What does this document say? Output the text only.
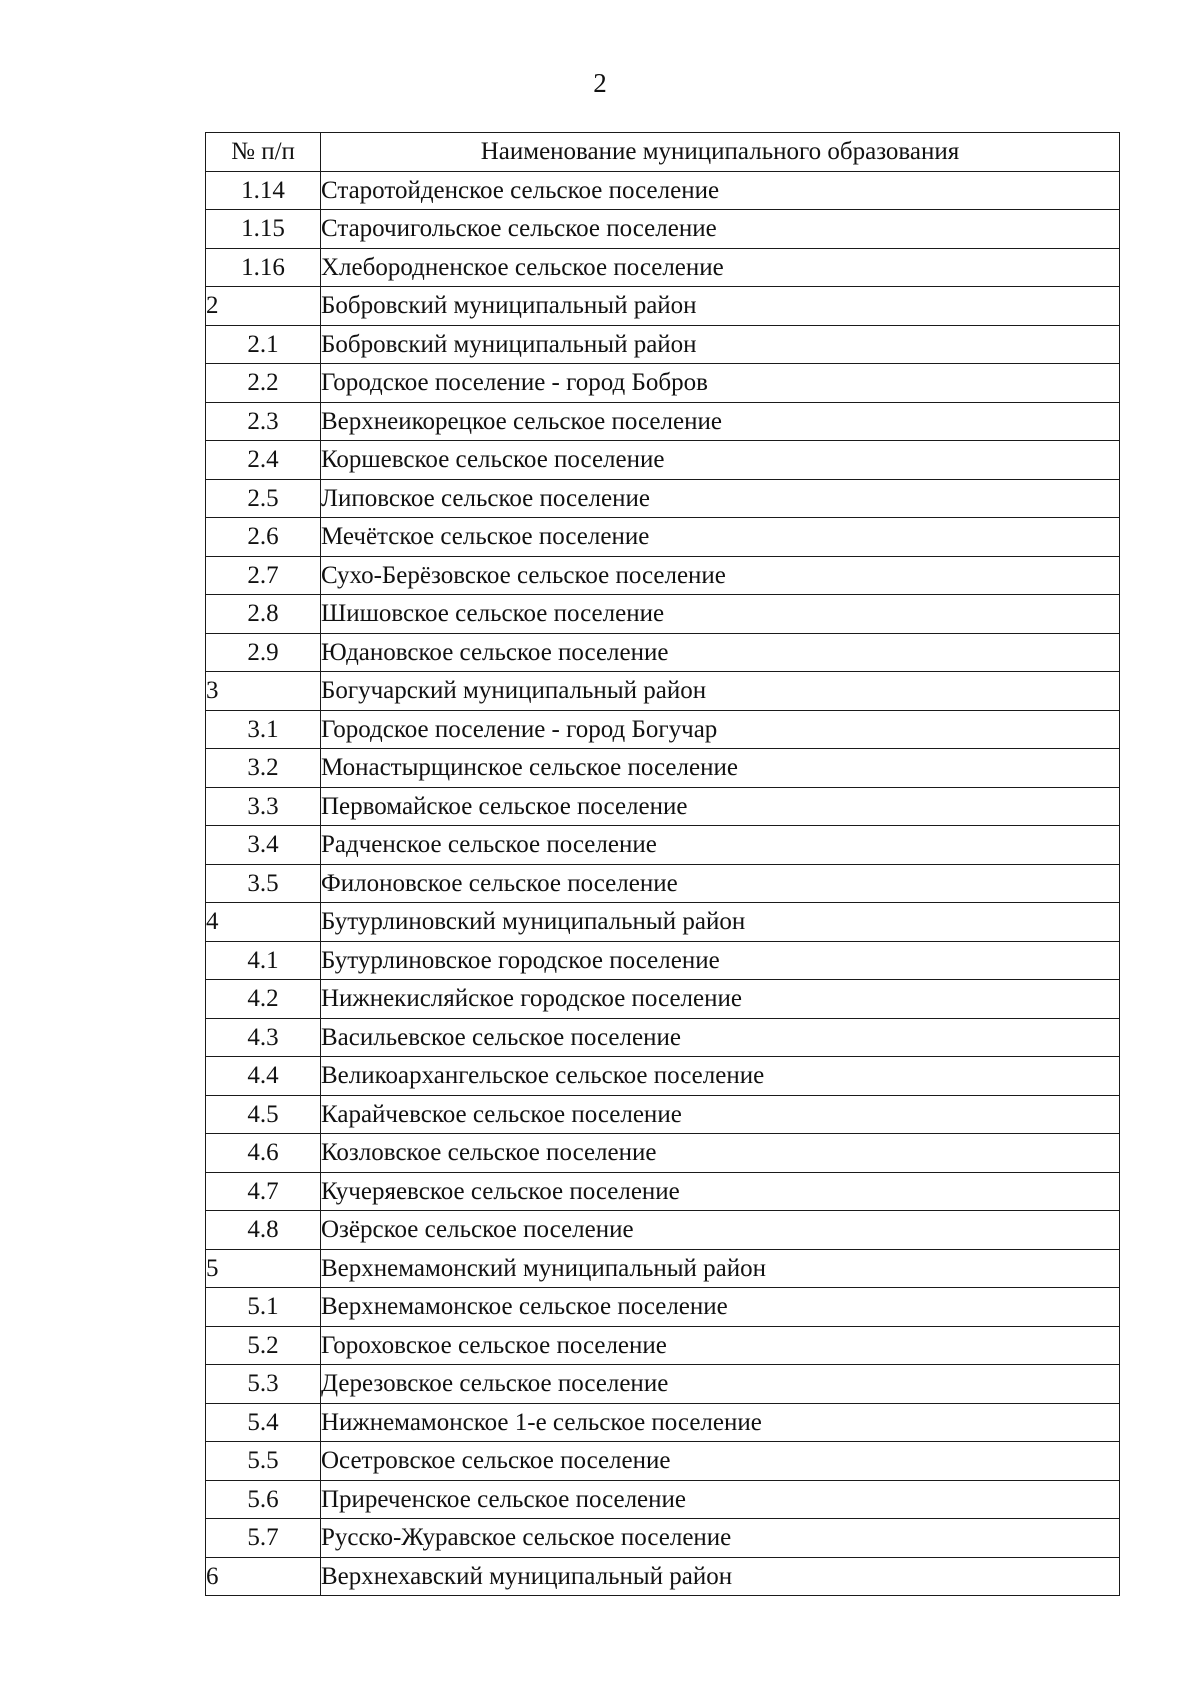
2
№ п/п	Наименование муниципального образования
1.14	Старотойденское сельское поселение
1.15	Старочигольское сельское поселение
1.16	Хлебородненское сельское поселение
2	Бобровский муниципальный район
2.1	Бобровский муниципальный район
2.2	Городское поселение - город Бобров
2.3	Верхнеикорецкое сельское поселение
2.4	Коршевское сельское поселение
2.5	Липовское сельское поселение
2.6	Мечётское сельское поселение
2.7	Сухо-Берёзовское сельское поселение
2.8	Шишовское сельское поселение
2.9	Юдановское сельское поселение
3	Богучарский муниципальный район
3.1	Городское поселение - город Богучар
3.2	Монастырщинское сельское поселение
3.3	Первомайское сельское поселение
3.4	Радченское сельское поселение
3.5	Филоновское сельское поселение
4	Бутурлиновский муниципальный район
4.1	Бутурлиновское городское поселение
4.2	Нижнекисляйское городское поселение
4.3	Васильевское сельское поселение
4.4	Великоархангельское сельское поселение
4.5	Карайчевское сельское поселение
4.6	Козловское сельское поселение
4.7	Кучеряевское сельское поселение
4.8	Озёрское сельское поселение
5	Верхнемамонский муниципальный район
5.1	Верхнемамонское сельское поселение
5.2	Гороховское сельское поселение
5.3	Дерезовское сельское поселение
5.4	Нижнемамонское 1-е сельское поселение
5.5	Осетровское сельское поселение
5.6	Приреченское сельское поселение
5.7	Русско-Журавское сельское поселение
6	Верхнехавский муниципальный район
